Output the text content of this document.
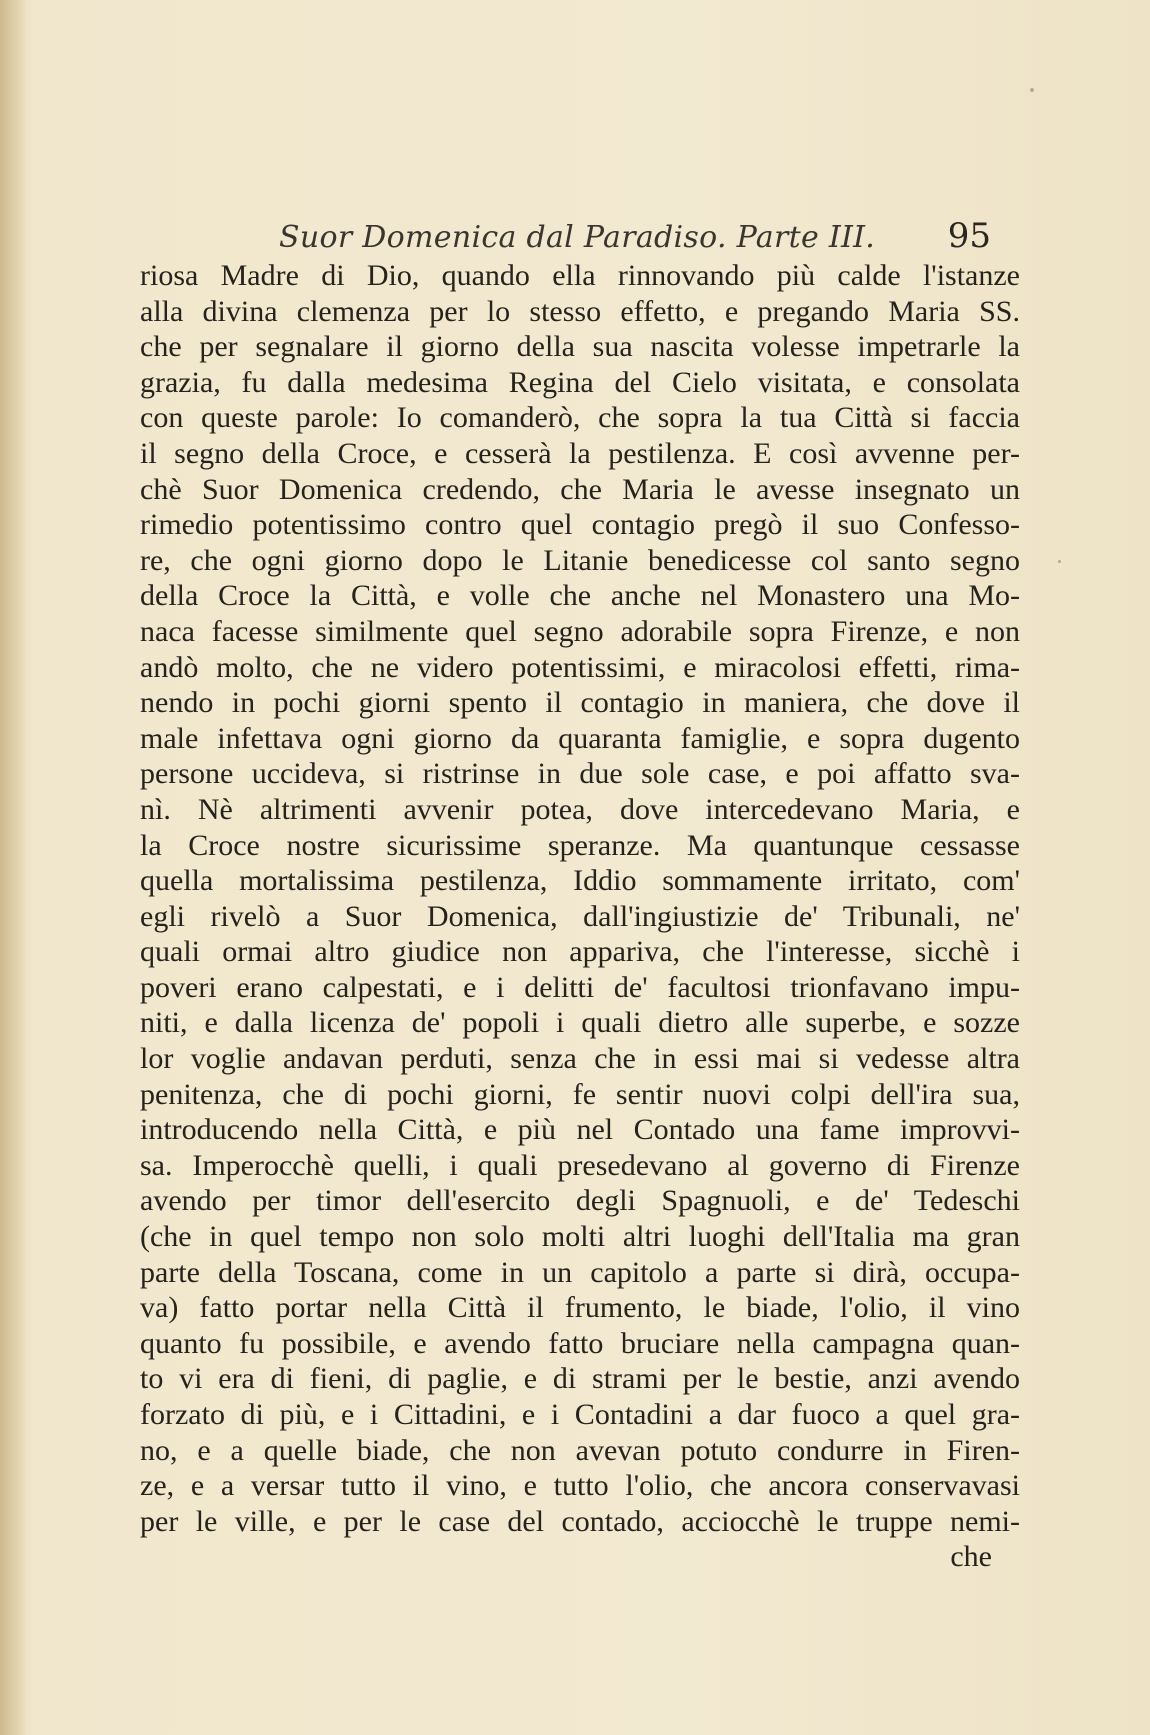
Suor Domenica dal Paradiso. Parte III. 95
riosa Madre di Dio, quando ella rinnovando più calde l'istanze
alla divina clemenza per lo stesso effetto, e pregando Maria SS.
che per segnalare il giorno della sua nascita volesse impetrarle la
grazia, fu dalla medesima Regina del Cielo visitata, e consolata
con queste parole: Io comanderò, che sopra la tua Città si faccia
il segno della Croce, e cesserà la pestilenza. E così avvenne per-
chè Suor Domenica credendo, che Maria le avesse insegnato un
rimedio potentissimo contro quel contagio pregò il suo Confesso-
re, che ogni giorno dopo le Litanie benedicesse col santo segno
della Croce la Città, e volle che anche nel Monastero una Mo-
naca facesse similmente quel segno adorabile sopra Firenze, e non
andò molto, che ne videro potentissimi, e miracolosi effetti, rima-
nendo in pochi giorni spento il contagio in maniera, che dove il
male infettava ogni giorno da quaranta famiglie, e sopra dugento
persone uccideva, si ristrinse in due sole case, e poi affatto sva-
nì. Nè altrimenti avvenir potea, dove intercedevano Maria, e
la Croce nostre sicurissime speranze. Ma quantunque cessasse
quella mortalissima pestilenza, Iddio sommamente irritato, com'
egli rivelò a Suor Domenica, dall'ingiustizie de' Tribunali, ne'
quali ormai altro giudice non appariva, che l'interesse, sicchè i
poveri erano calpestati, e i delitti de' facultosi trionfavano impu-
niti, e dalla licenza de' popoli i quali dietro alle superbe, e sozze
lor voglie andavan perduti, senza che in essi mai si vedesse altra
penitenza, che di pochi giorni, fe sentir nuovi colpi dell'ira sua,
introducendo nella Città, e più nel Contado una fame improvvi-
sa. Imperocchè quelli, i quali presedevano al governo di Firenze
avendo per timor dell'esercito degli Spagnuoli, e de' Tedeschi
(che in quel tempo non solo molti altri luoghi dell'Italia ma gran
parte della Toscana, come in un capitolo a parte si dirà, occupa-
va) fatto portar nella Città il frumento, le biade, l'olio, il vino
quanto fu possibile, e avendo fatto bruciare nella campagna quan-
to vi era di fieni, di paglie, e di strami per le bestie, anzi avendo
forzato di più, e i Cittadini, e i Contadini a dar fuoco a quel gra-
no, e a quelle biade, che non avevan potuto condurre in Firen-
ze, e a versar tutto il vino, e tutto l'olio, che ancora conservavasi
per le ville, e per le case del contado, acciocchè le truppe nemi-
che
